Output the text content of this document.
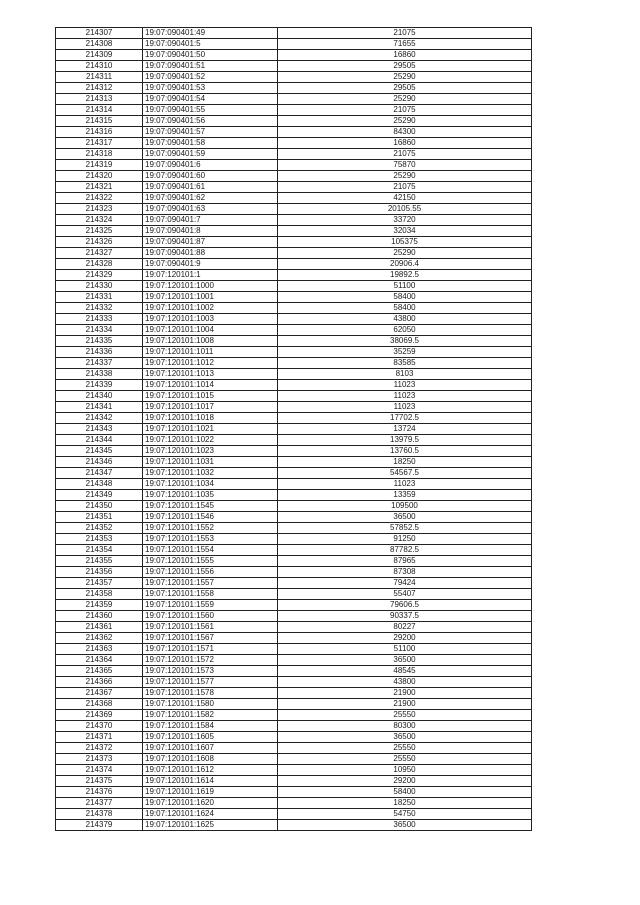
214307	19:07:090401:49	21075
214308	19:07:090401:5	71655
214309	19:07:090401:50	16860
214310	19:07:090401:51	29505
214311	19:07:090401:52	25290
214312	19:07:090401:53	29505
214313	19:07:090401:54	25290
214314	19:07:090401:55	21075
214315	19:07:090401:56	25290
214316	19:07:090401:57	84300
214317	19:07:090401:58	16860
214318	19:07:090401:59	21075
214319	19:07:090401:6	75870
214320	19:07:090401:60	25290
214321	19:07:090401:61	21075
214322	19:07:090401:62	42150
214323	19:07:090401:63	20105.55
214324	19:07:090401:7	33720
214325	19:07:090401:8	32034
214326	19:07:090401:87	105375
214327	19:07:090401:88	25290
214328	19:07:090401:9	20906.4
214329	19:07:120101:1	19892.5
214330	19:07:120101:1000	51100
214331	19:07:120101:1001	58400
214332	19:07:120101:1002	58400
214333	19:07:120101:1003	43800
214334	19:07:120101:1004	62050
214335	19:07:120101:1008	38069.5
214336	19:07:120101:1011	35259
214337	19:07:120101:1012	83585
214338	19:07:120101:1013	8103
214339	19:07:120101:1014	11023
214340	19:07:120101:1015	11023
214341	19:07:120101:1017	11023
214342	19:07:120101:1018	17702.5
214343	19:07:120101:1021	13724
214344	19:07:120101:1022	13979.5
214345	19:07:120101:1023	13760.5
214346	19:07:120101:1031	18250
214347	19:07:120101:1032	54567.5
214348	19:07:120101:1034	11023
214349	19:07:120101:1035	13359
214350	19:07:120101:1545	109500
214351	19:07:120101:1546	36500
214352	19:07:120101:1552	57852.5
214353	19:07:120101:1553	91250
214354	19:07:120101:1554	87782.5
214355	19:07:120101:1555	87965
214356	19:07:120101:1556	87308
214357	19:07:120101:1557	79424
214358	19:07:120101:1558	55407
214359	19:07:120101:1559	79606.5
214360	19:07:120101:1560	90337.5
214361	19:07:120101:1561	80227
214362	19:07:120101:1567	29200
214363	19:07:120101:1571	51100
214364	19:07:120101:1572	36500
214365	19:07:120101:1573	48545
214366	19:07:120101:1577	43800
214367	19:07:120101:1578	21900
214368	19:07:120101:1580	21900
214369	19:07:120101:1582	25550
214370	19:07:120101:1584	80300
214371	19:07:120101:1605	36500
214372	19:07:120101:1607	25550
214373	19:07:120101:1608	25550
214374	19:07:120101:1612	10950
214375	19:07:120101:1614	29200
214376	19:07:120101:1619	58400
214377	19:07:120101:1620	18250
214378	19:07:120101:1624	54750
214379	19:07:120101:1625	36500
